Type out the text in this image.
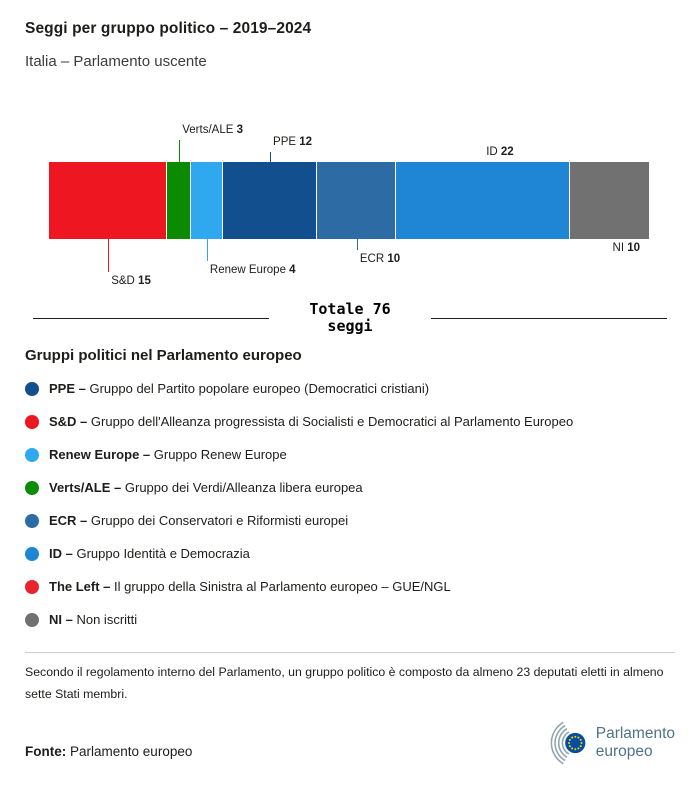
Seggi per gruppo politico – 2019–2024

Italia – Parlamento uscente

Verts/ALE 3
PPE 12
ID 22
S&D 15
Renew Europe 4
ECR 10
NI 10
Totale 76
seggi
Gruppi politici nel Parlamento europeo
PPE – Gruppo del Partito popolare europeo (Democratici cristiani)
S&D – Gruppo dell'Alleanza progressista di Socialisti e Democratici al Parlamento Europeo
Renew Europe – Gruppo Renew Europe
Verts/ALE – Gruppo dei Verdi/Alleanza libera europea
ECR – Gruppo dei Conservatori e Riformisti europei
ID – Gruppo Identità e Democrazia
The Left – Il gruppo della Sinistra al Parlamento europeo – GUE/NGL
NI – Non iscritti

Secondo il regolamento interno del Parlamento, un gruppo politico è composto da almeno 23 deputati eletti in almeno sette Stati membri.

Fonte: Parlamento europeo

Parlamento
europeo
